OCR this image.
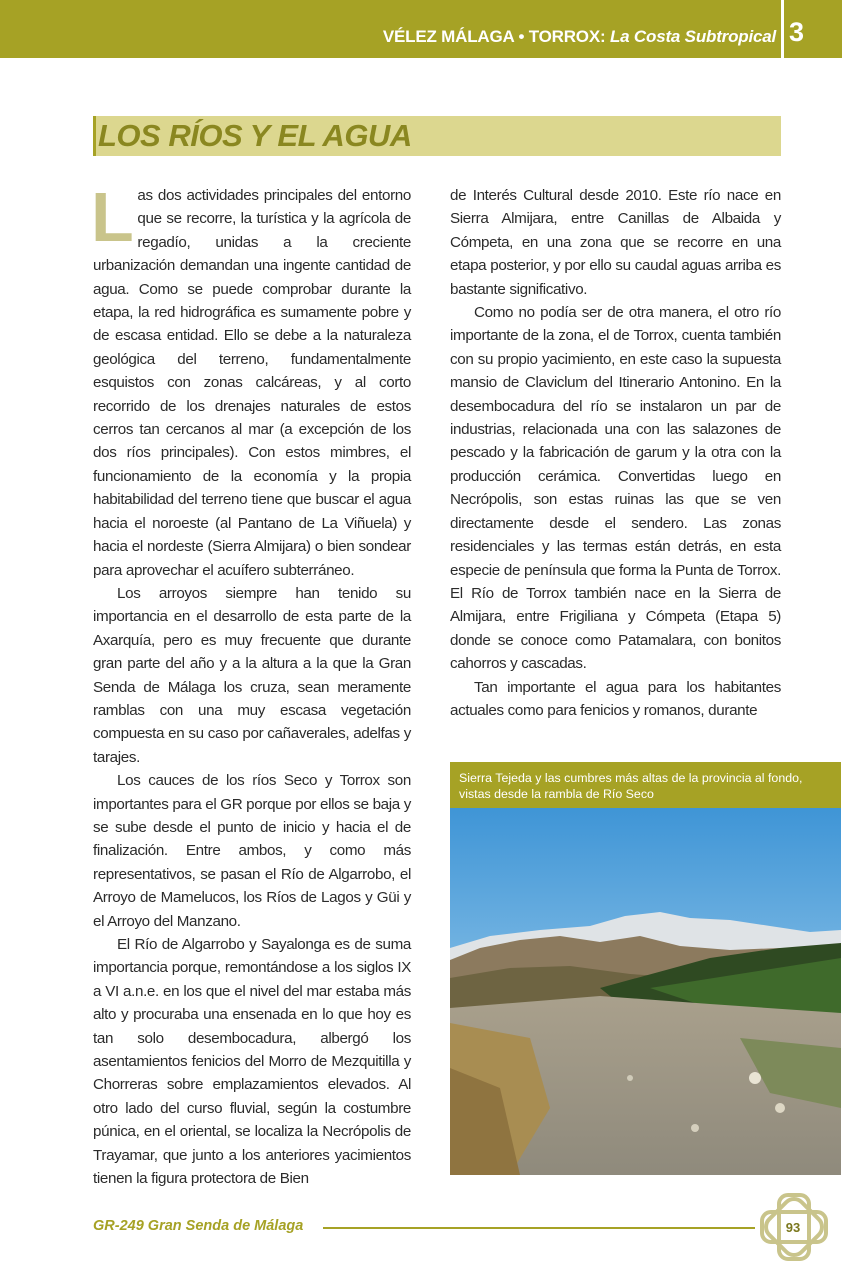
VÉLEZ MÁLAGA • TORROX: La Costa Subtropical 3
LOS RÍOS Y EL AGUA

Las dos actividades principales del entorno que se recorre, la turística y la agrícola de regadío, unidas a la creciente urbanización demandan una ingente cantidad de agua. Como se puede comprobar durante la etapa, la red hidrográfica es sumamente pobre y de escasa entidad. Ello se debe a la naturaleza geológica del terreno, fundamentalmente esquistos con zonas calcáreas, y al corto recorrido de los drenajes naturales de estos cerros tan cercanos al mar (a excepción de los dos ríos principales). Con estos mimbres, el funcionamiento de la economía y la propia habitabilidad del terreno tiene que buscar el agua hacia el noroeste (al Pantano de La Viñuela) y hacia el nordeste (Sierra Almijara) o bien sondear para aprovechar el acuífero subterráneo.

Los arroyos siempre han tenido su importancia en el desarrollo de esta parte de la Axarquía, pero es muy frecuente que durante gran parte del año y a la altura a la que la Gran Senda de Málaga los cruza, sean meramente ramblas con una muy escasa vegetación compuesta en su caso por cañaverales, adelfas y tarajes.

Los cauces de los ríos Seco y Torrox son importantes para el GR porque por ellos se baja y se sube desde el punto de inicio y hacia el de finalización. Entre ambos, y como más representativos, se pasan el Río de Algarrobo, el Arroyo de Mamelucos, los Ríos de Lagos y Güi y el Arroyo del Manzano.

El Río de Algarrobo y Sayalonga es de suma importancia porque, remontándose a los siglos IX a VI a.n.e. en los que el nivel del mar estaba más alto y procuraba una ensenada en lo que hoy es tan solo desembocadura, albergó los asentamientos fenicios del Morro de Mezquitilla y Chorreras sobre emplazamientos elevados. Al otro lado del curso fluvial, según la costumbre púnica, en el oriental, se localiza la Necrópolis de Trayamar, que junto a los anteriores yacimientos tienen la figura protectora de Bien

de Interés Cultural desde 2010. Este río nace en Sierra Almijara, entre Canillas de Albaida y Cómpeta, en una zona que se recorre en una etapa posterior, y por ello su caudal aguas arriba es bastante significativo.

Como no podía ser de otra manera, el otro río importante de la zona, el de Torrox, cuenta también con su propio yacimiento, en este caso la supuesta mansio de Claviclum del Itinerario Antonino. En la desembocadura del río se instalaron un par de industrias, relacionada una con las salazones de pescado y la fabricación de garum y la otra con la producción cerámica. Convertidas luego en Necrópolis, son estas ruinas las que se ven directamente desde el sendero. Las zonas residenciales y las termas están detrás, en esta especie de península que forma la Punta de Torrox. El Río de Torrox también nace en la Sierra de Almijara, entre Frigiliana y Cómpeta (Etapa 5) donde se conoce como Patamalara, con bonitos cahorros y cascadas.

Tan importante el agua para los habitantes actuales como para fenicios y romanos, durante

Sierra Tejeda y las cumbres más altas de la provincia al fondo, vistas desde la rambla de Río Seco
GR-249 Gran Senda de Málaga	93
